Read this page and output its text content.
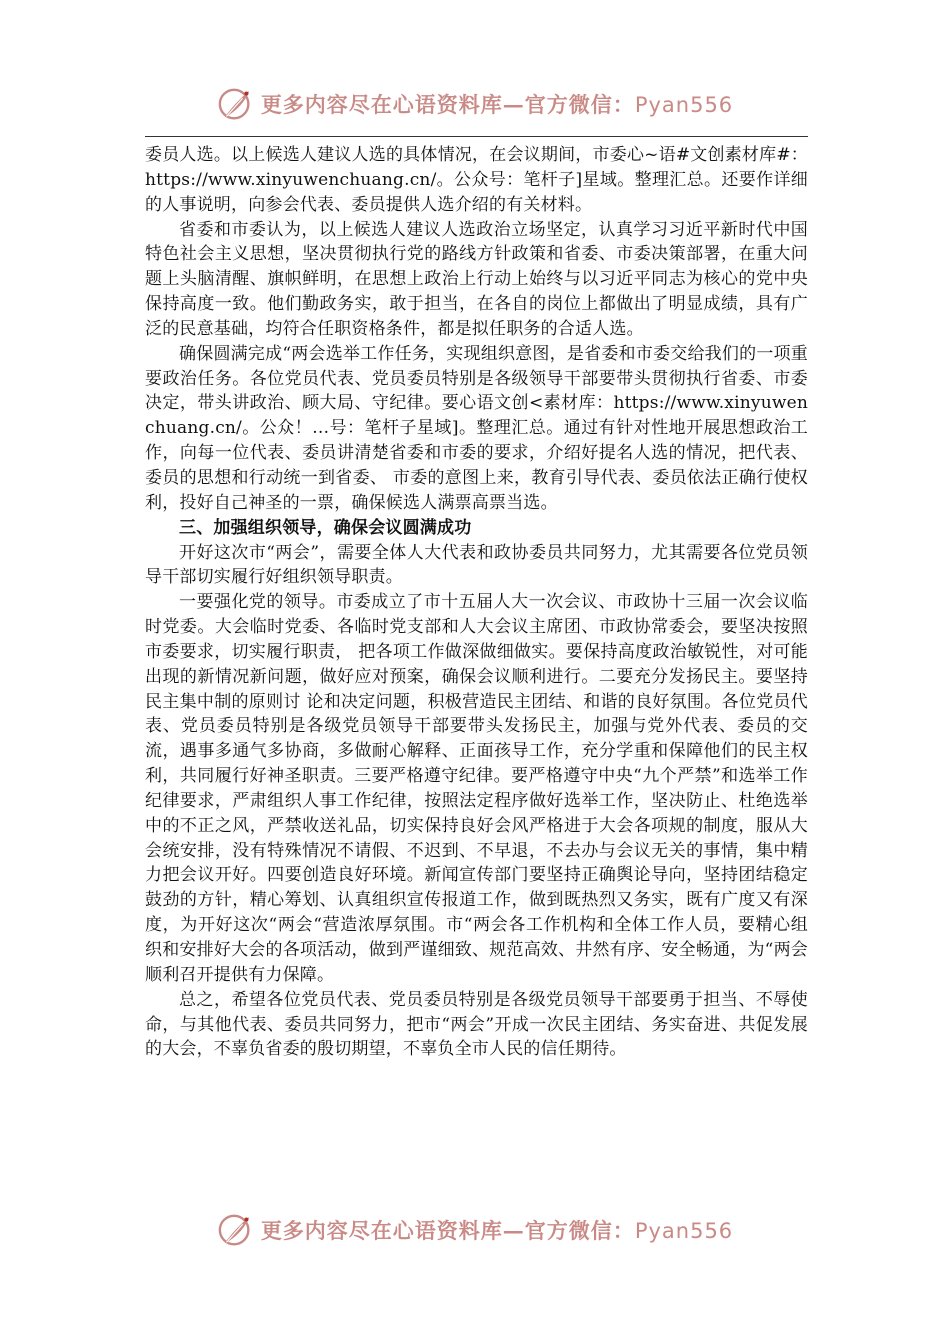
更多内容尽在心语资料库—官方微信：Pyan556

委员人选。以上候选人建议人选的具体情况，在会议期间，市委心~语#文创素材库#：https://www.xinyuwenchuang.cn/。公众号：笔杆子]星域。整理汇总。还要作详细的人事说明，向参会代表、委员提供人选介绍的有关材料。

省委和市委认为，以上候选人建议人选政治立场坚定，认真学习习近平新时代中国特色社会主义思想，坚决贯彻执行党的路线方针政策和省委、市委决策部署，在重大问题上头脑清醒、旗帜鲜明，在思想上政治上行动上始终与以习近平同志为核心的党中央保持高度一致。他们勤政务实，敢于担当，在各自的岗位上都做出了明显成绩，具有广泛的民意基础，均符合任职资格条件，都是拟任职务的合适人选。

确保圆满完成“两会选举工作任务，实现组织意图，是省委和市委交给我们的一项重要政治任务。各位党员代表、党员委员特别是各级领导干部要带头贯彻执行省委、市委决定，带头讲政治、顾大局、守纪律。要心语文创<素材库：https://www.xinyuwenchuang.cn/。公众！…号：笔杆子星域]。整理汇总。通过有针对性地开展思想政治工作，向每一位代表、委员讲清楚省委和市委的要求，介绍好提名人选的情况，把代表、委员的思想和行动统一到省委、 市委的意图上来，教育引导代表、委员依法正确行使权利，投好自己神圣的一票，确保候选人满票高票当选。

三、加强组织领导，确保会议圆满成功

开好这次市“两会”，需要全体人大代表和政协委员共同努力，尤其需要各位党员领导干部切实履行好组织领导职责。

一要强化党的领导。市委成立了市十五届人大一次会议、市政协十三届一次会议临时党委。大会临时党委、各临时党支部和人大会议主席团、市政协常委会，要坚决按照市委要求，切实履行职责， 把各项工作做深做细做实。要保持高度政治敏锐性，对可能出现的新情况新问题，做好应对预案，确保会议顺利进行。二要充分发扬民主。要坚持民主集中制的原则讨 论和决定问题，积极营造民主团结、和谐的良好氛围。各位党员代表、党员委员特别是各级党员领导干部要带头发扬民主，加强与党外代表、委员的交流，遇事多通气多协商，多做耐心解释、正面孩导工作，充分学重和保障他们的民主权利，共同履行好神圣职责。三要严格遵守纪律。要严格遵守中央“九个严禁”和选举工作纪律要求，严肃组织人事工作纪律，按照法定程序做好选举工作，坚决防止、杜绝选举中的不正之风，严禁收送礼品，切实保持良好会风严格进于大会各项规的制度，服从大会统安排，没有特殊情况不请假、不迟到、不早退，不去办与会议无关的事情，集中精力把会议开好。四要创造良好环境。新闻宣传部门要坚持正确舆论导向，坚持团结稳定鼓劲的方针，精心筹划、认真组织宣传报道工作，做到既热烈又务实，既有广度又有深度，为开好这次“两会“营造浓厚氛围。市“两会各工作机构和全体工作人员，要精心组织和安排好大会的各项活动，做到严谨细致、规范高效、井然有序、安全畅通，为“两会顺利召开提供有力保障。

总之，希望各位党员代表、党员委员特别是各级党员领导干部要勇于担当、不辱使命，与其他代表、委员共同努力，把市“两会”开成一次民主团结、务实奋进、共促发展的大会，不辜负省委的殷切期望，不辜负全市人民的信任期待。

更多内容尽在心语资料库—官方微信：Pyan556
